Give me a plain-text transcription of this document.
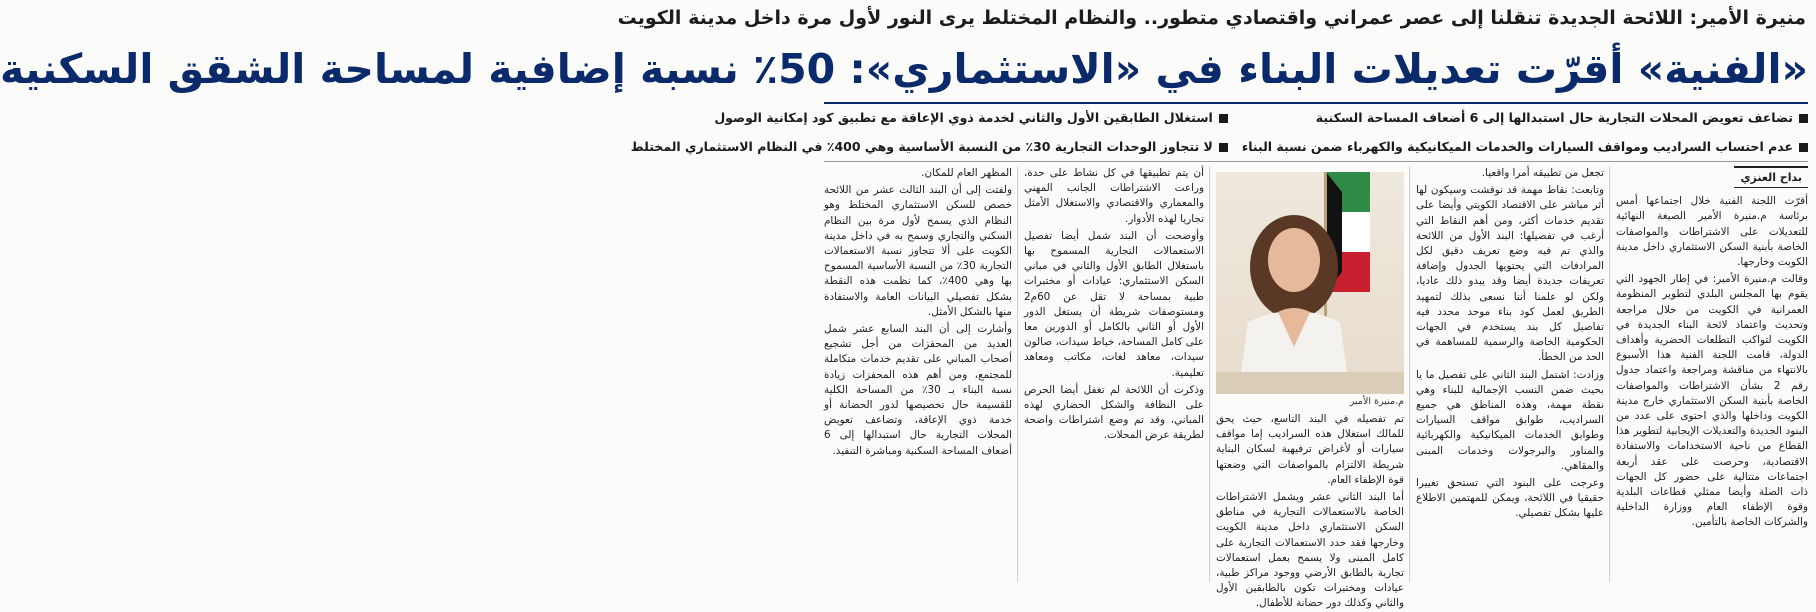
منيرة الأمير: اللائحة الجديدة تنقلنا إلى عصر عمراني واقتصادي متطور.. والنظام المختلط يرى النور لأول مرة داخل مدينة الكويت
«الفنية» أقرّت تعديلات البناء في «الاستثماري»: 50٪ نسبة إضافية لمساحة الشقق السكنية
تضاعف تعويض المحلات التجارية حال استبدالها إلى 6 أضعاف المساحة السكنية
استغلال الطابقين الأول والثاني لخدمة ذوي الإعاقة مع تطبيق كود إمكانية الوصول
عدم احتساب السراديب ومواقف السيارات والخدمات الميكانيكية والكهرباء ضمن نسبة البناء
لا تتجاوز الوحدات التجارية 30٪ من النسبة الأساسية وهي 400٪ في النظام الاستثماري المختلط
بداح العنزي

أقرّت اللجنة الفنية خلال اجتماعها أمس برئاسة م.منيرة الأمير الصيغة النهائية للتعديلات على الاشتراطات والمواصفات الخاصة بأبنية السكن الاستثماري داخل مدينة الكويت وخارجها.

وقالت م.منيرة الأمير: في إطار الجهود التي يقوم بها المجلس البلدي لتطوير المنظومة العمرانية في الكويت من خلال مراجعة وتحديث واعتماد لائحة البناء الجديدة في الكويت لتواكب التطلعات الحضرية وأهداف الدولة، قامت اللجنة الفنية هذا الأسبوع بالانتهاء من مناقشة ومراجعة واعتماد جدول رقم 2 بشأن الاشتراطات والمواصفات الخاصة بأبنية السكن الاستثماري خارج مدينة الكويت وداخلها والذي احتوى على عدد من البنود الجديدة والتعديلات الإيجابية لتطوير هذا القطاع من ناحية الاستخدامات والاستفادة الاقتصادية، وحرصت على عقد أربعة اجتماعات متتالية على حضور كل الجهات ذات الصلة وأيضا ممثلي قطاعات البلدية وقوة الإطفاء العام ووزارة الداخلية والشركات الخاصة بالتأمين.

تجعل من تطبيقه أمرا واقعيا.

وتابعت: نقاط مهمة قد نوقشت وسيكون لها أثر مباشر على الاقتصاد الكويتي وأيضا على تقديم خدمات أكثر، ومن أهم النقاط التي أرغب في تفصيلها: البند الأول من اللائحة والذي تم فيه وضع تعريف دقيق لكل المرادفات التي يحتويها الجدول وإضافة تعريفات جديدة أيضا وقد يبدو ذلك عاديا، ولكن لو علمنا أننا نسعى بذلك لتمهيد الطريق لعمل كود بناء موحد محدد فيه تفاصيل كل بند يستخدم في الجهات الحكومية الخاصة والرسمية للمساهمة في الحد من الخطأ.

وزادت: اشتمل البند الثاني على تفصيل ما يا بحيث ضمن النسب الإجمالية للبناء وهي نقطة مهمة، وهذه المناطق هي جميع السراديب، طوابق مواقف السيارات وطوابق الخدمات الميكانيكية والكهربائية والمناور والبرجولات وخدمات المبنى والمقاهي.

وعرجت على البنود التي تستحق تغييرا حقيقيا في اللائحة، ويمكن للمهتمين الاطلاع عليها بشكل تفصيلي.

م.منيرة الأمير

تم تفصيله في البند التاسع، حيث يحق للمالك استغلال هذه السراديب إما مواقف سيارات أو لأغراض ترفيهية لسكان البناية شريطة الالتزام بالمواصفات التي وضعتها قوة الإطفاء العام.

أما البند الثاني عشر ويشمل الاشتراطات الخاصة بالاستعمالات التجارية في مناطق السكن الاستثماري داخل مدينة الكويت وخارجها فقد حدد الاستعمالات التجارية على كامل المبنى ولا يسمح بعمل استعمالات تجارية بالطابق الأرضي ووجود مراكز طبية، عيادات ومختبرات تكون بالطابقين الأول والثاني وكذلك دور حضانة للأطفال.

أن يتم تطبيقها في كل نشاط على حدة، وراعت الاشتراطات الجانب المهني والمعماري والاقتصادي والاستغلال الأمثل تجاريا لهذه الأدوار.

وأوضحت أن البند شمل أيضا تفصيل الاستعمالات التجارية المسموح بها باستغلال الطابق الأول والثاني في مباني السكن الاستثماري: عيادات أو مختبرات طبية بمساحة لا تقل عن 60م2 ومستوصفات شريطة أن يستغل الدور الأول أو الثاني بالكامل أو الدورين معا على كامل المساحة، خياط سيدات، صالون سيدات، معاهد لغات، مكاتب ومعاهد تعليمية.

وذكرت أن اللائحة لم تغفل أيضا الحرص على النظافة والشكل الحضاري لهذه المباني، وقد تم وضع اشتراطات واضحة لطريقة عرض المحلات.

المظهر العام للمكان.

ولفتت إلى أن البند الثالث عشر من اللائحة خصص للسكن الاستثماري المختلط وهو النظام الذي يسمح لأول مرة بين النظام السكني والتجاري وسمح به في داخل مدينة الكويت على ألا تتجاوز نسبة الاستعمالات التجارية 30٪ من النسبة الأساسية المسموح بها وهي 400٪، كما نظمت هذه النقطة بشكل تفصيلي البيانات العامة والاستفادة منها بالشكل الأمثل.

وأشارت إلى أن البند السابع عشر شمل العديد من المحفزات من أجل تشجيع أصحاب المباني على تقديم خدمات متكاملة للمجتمع، ومن أهم هذه المحفزات زيادة نسبة البناء بـ 30٪ من المساحة الكلية للقسيمة حال تخصيصها لدور الحضانة أو خدمة ذوي الإعاقة، وتضاعف تعويض المحلات التجارية حال استبدالها إلى 6 أضعاف المساحة السكنية ومباشرة التنفيذ.
